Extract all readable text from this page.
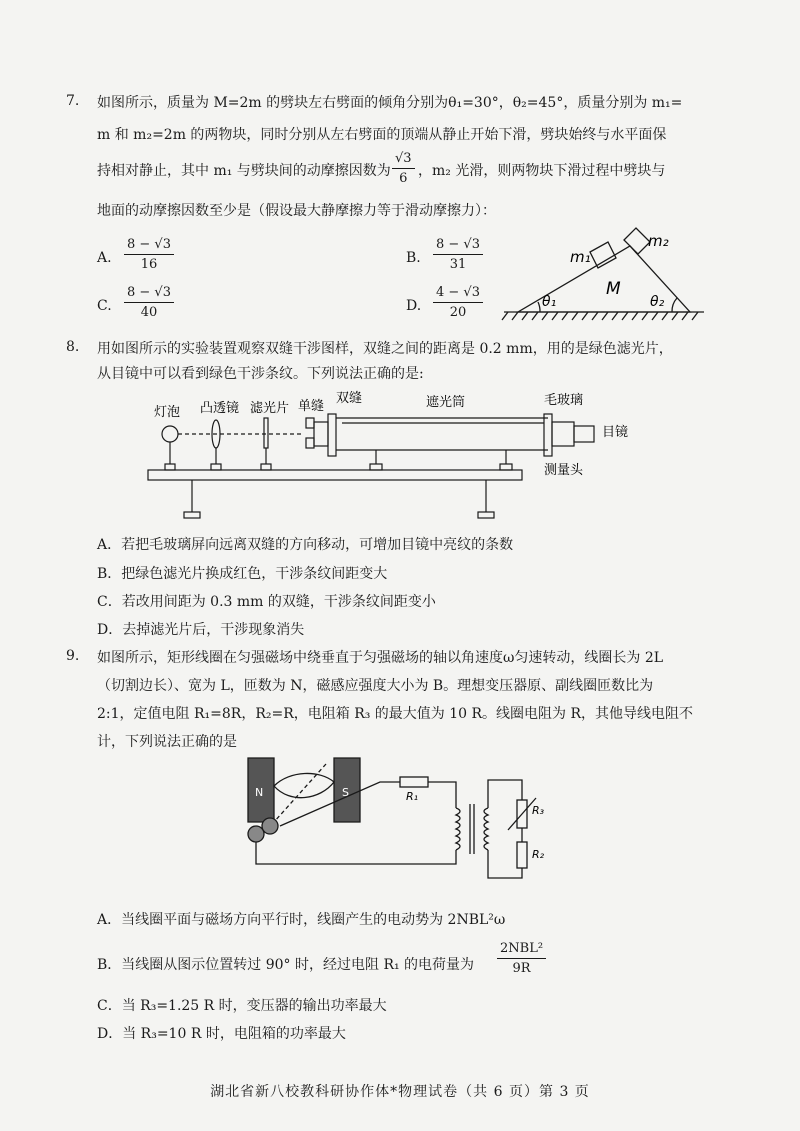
7. 如图所示，质量为 M=2m 的劈块左右劈面的倾角分别为θ₁=30°，θ₂=45°，质量分别为 m₁=
m 和 m₂=2m 的两物块，同时分别从左右劈面的顶端从静止开始下滑，劈块始终与水平面保
持相对静止，其中 m₁ 与劈块间的动摩擦因数为 $\frac{√3}{6}$ ，m₂ 光滑，则两物块下滑过程中劈块与
地面的动摩擦因数至少是（假设最大静摩擦力等于滑动摩擦力）：
A. $\frac{8 - √3}{16}$	B. $\frac{8 - √3}{31}$
C. $\frac{8 - √3}{40}$	D. $\frac{4 - √3}{20}$
m₁
m₂
M
θ₁	θ₂
8. 用如图所示的实验装置观察双缝干涉图样，双缝之间的距离是 0.2 mm，用的是绿色滤光片，
从目镜中可以看到绿色干涉条纹。下列说法正确的是:
灯泡 凸透镜 滤光片 单缝
双缝	遮光筒	毛玻璃
目镜
测量头
A．若把毛玻璃屏向远离双缝的方向移动，可增加目镜中亮纹的条数
B．把绿色滤光片换成红色，干涉条纹间距变大
C．若改用间距为 0.3 mm 的双缝，干涉条纹间距变小
D．去掉滤光片后，干涉现象消失
9. 如图所示，矩形线圈在匀强磁场中绕垂直于匀强磁场的轴以角速度ω匀速转动，线圈长为 2L
（切割边长）、宽为 L，匝数为 N，磁感应强度大小为 B。理想变压器原、副线圈匝数比为
2:1，定值电阻 R₁=8R，R₂=R，电阻箱 R₃ 的最大值为 10 R。线圈电阻为 R，其他导线电阻不
计，下列说法正确的是
N	S	R₁
R₃
R₂
A．当线圈平面与磁场方向平行时，线圈产生的电动势为 2NBL²ω
B．当线圈从图示位置转过 90° 时，经过电阻 R₁ 的电荷量为
2NBL²
9R
C．当 R₃=1.25 R 时，变压器的输出功率最大
D．当 R₃=10 R 时，电阻箱的功率最大
湖北省新八校教科研协作体*物理试卷（共 6 页）第 3 页
